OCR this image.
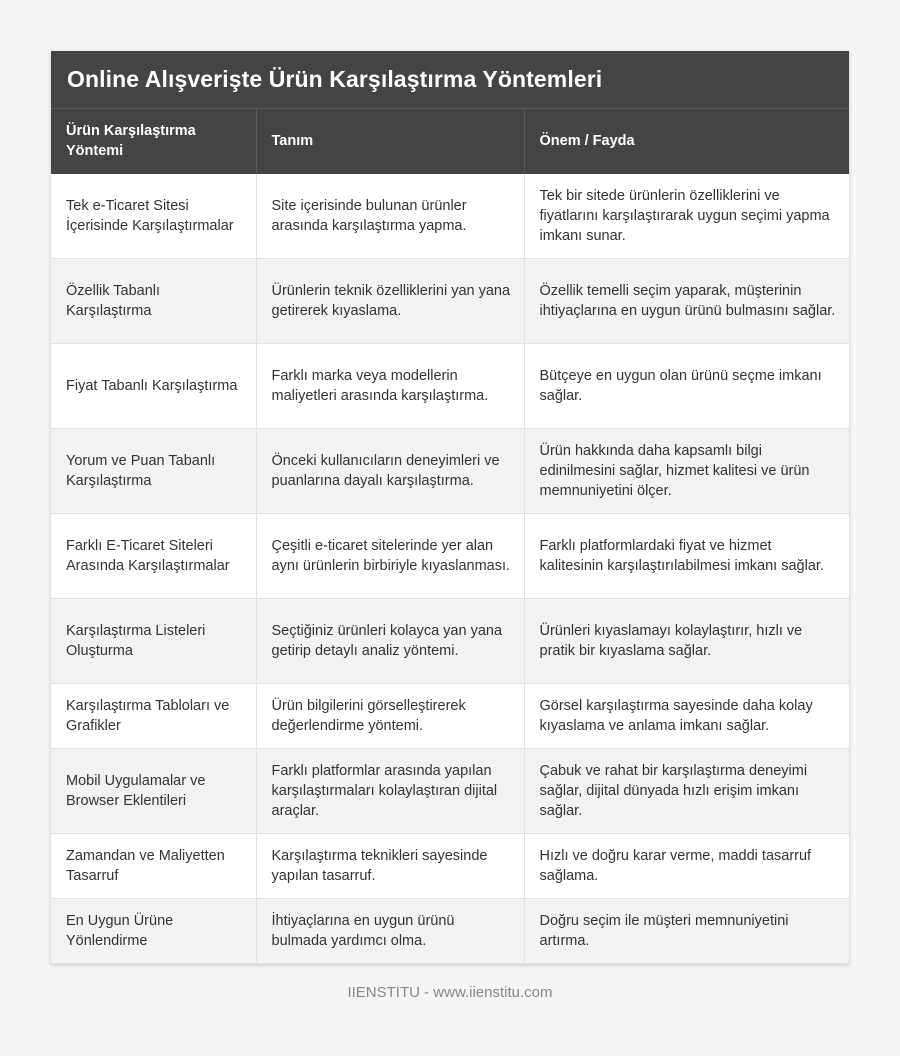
Online Alışverişte Ürün Karşılaştırma Yöntemleri
Ürün Karşılaştırma Yöntemi	Tanım	Önem / Fayda
Tek e-Ticaret Sitesi İçerisinde Karşılaştırmalar	Site içerisinde bulunan ürünler arasında karşılaştırma yapma.	Tek bir sitede ürünlerin özelliklerini ve fiyatlarını karşılaştırarak uygun seçimi yapma imkanı sunar.
Özellik Tabanlı Karşılaştırma	Ürünlerin teknik özelliklerini yan yana getirerek kıyaslama.	Özellik temelli seçim yaparak, müşterinin ihtiyaçlarına en uygun ürünü bulmasını sağlar.
Fiyat Tabanlı Karşılaştırma	Farklı marka veya modellerin maliyetleri arasında karşılaştırma.	Bütçeye en uygun olan ürünü seçme imkanı sağlar.
Yorum ve Puan Tabanlı Karşılaştırma	Önceki kullanıcıların deneyimleri ve puanlarına dayalı karşılaştırma.	Ürün hakkında daha kapsamlı bilgi edinilmesini sağlar, hizmet kalitesi ve ürün memnuniyetini ölçer.
Farklı E-Ticaret Siteleri Arasında Karşılaştırmalar	Çeşitli e-ticaret sitelerinde yer alan aynı ürünlerin birbiriyle kıyaslanması.	Farklı platformlardaki fiyat ve hizmet kalitesinin karşılaştırılabilmesi imkanı sağlar.
Karşılaştırma Listeleri Oluşturma	Seçtiğiniz ürünleri kolayca yan yana getirip detaylı analiz yöntemi.	Ürünleri kıyaslamayı kolaylaştırır, hızlı ve pratik bir kıyaslama sağlar.
Karşılaştırma Tabloları ve Grafikler	Ürün bilgilerini görselleştirerek değerlendirme yöntemi.	Görsel karşılaştırma sayesinde daha kolay kıyaslama ve anlama imkanı sağlar.
Mobil Uygulamalar ve Browser Eklentileri	Farklı platformlar arasında yapılan karşılaştırmaları kolaylaştıran dijital araçlar.	Çabuk ve rahat bir karşılaştırma deneyimi sağlar, dijital dünyada hızlı erişim imkanı sağlar.
Zamandan ve Maliyetten Tasarruf	Karşılaştırma teknikleri sayesinde yapılan tasarruf.	Hızlı ve doğru karar verme, maddi tasarruf sağlama.
En Uygun Ürüne Yönlendirme	İhtiyaçlarına en uygun ürünü bulmada yardımcı olma.	Doğru seçim ile müşteri memnuniyetini artırma.
IIENSTITU - www.iienstitu.com
